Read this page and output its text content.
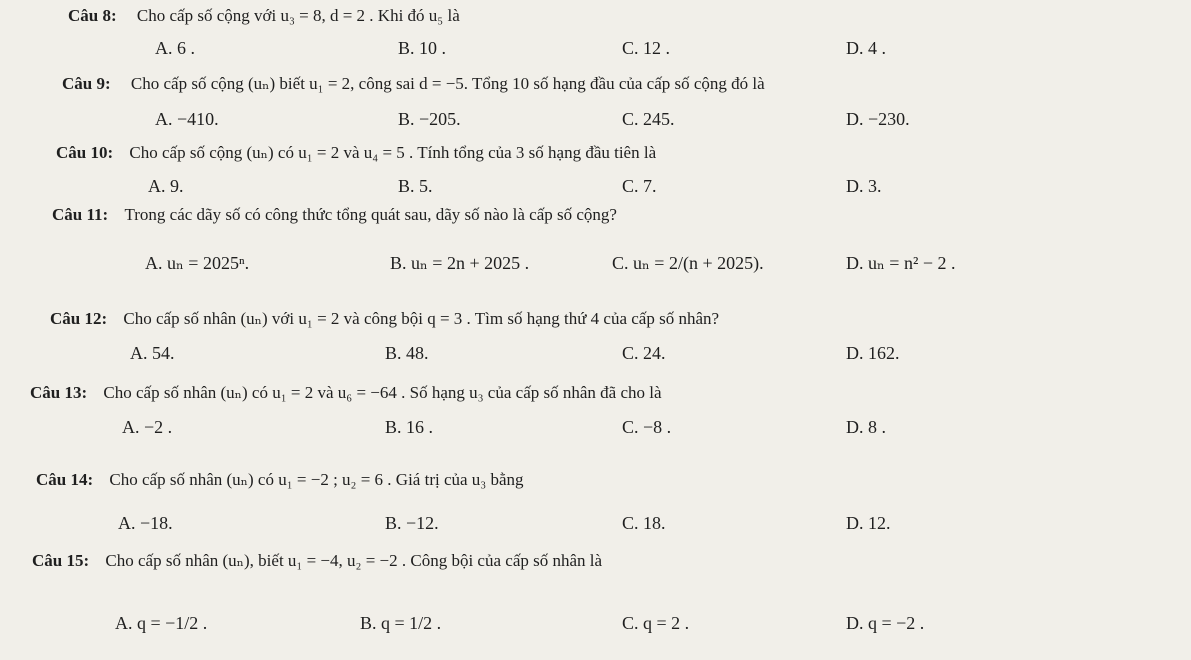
Câu 8: Cho cấp số cộng với u₃ = 8, d = 2 . Khi đó u₅ là
A. 6 .	B. 10 .	C. 12 .	D. 4 .
Câu 9: Cho cấp số cộng (uₙ) biết u₁ = 2, công sai d = −5. Tổng 10 số hạng đầu của cấp số cộng đó là
A. −410.	B. −205.	C. 245.	D. −230.
Câu 10: Cho cấp số cộng (uₙ) có u₁ = 2 và u₄ = 5 . Tính tổng của 3 số hạng đầu tiên là
A. 9.	B. 5.	C. 7.	D. 3.
Câu 11: Trong các dãy số có công thức tổng quát sau, dãy số nào là cấp số cộng?
A. uₙ = 2025ⁿ.	B. uₙ = 2n + 2025 .	C. uₙ = 2/(n + 2025).	D. uₙ = n² − 2 .
Câu 12: Cho cấp số nhân (uₙ) với u₁ = 2 và công bội q = 3 . Tìm số hạng thứ 4 của cấp số nhân?
A. 54.	B. 48.	C. 24.	D. 162.
Câu 13: Cho cấp số nhân (uₙ) có u₁ = 2 và u₆ = −64 . Số hạng u₃ của cấp số nhân đã cho là
A. −2 .	B. 16 .	C. −8 .	D. 8 .
Câu 14: Cho cấp số nhân (uₙ) có u₁ = −2 ; u₂ = 6 . Giá trị của u₃ bằng
A. −18.	B. −12.	C. 18.	D. 12.
Câu 15: Cho cấp số nhân (uₙ), biết u₁ = −4, u₂ = −2 . Công bội của cấp số nhân là
A. q = −1/2 .	B. q = 1/2 .	C. q = 2 .	D. q = −2 .
